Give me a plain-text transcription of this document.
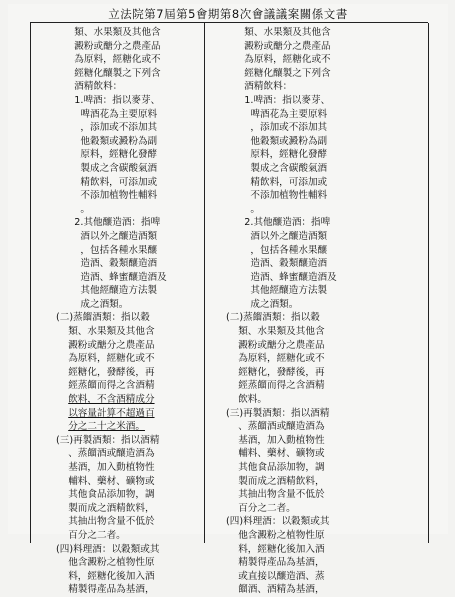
立法院第7屆第5會期第8次會議議案關係文書
類、水果類及其他含
澱粉或醣分之農產品
為原料，經糖化或不
經糖化釀製之下列含
酒精飲料：
1.啤酒：指以麥芽、
啤酒花為主要原料
，添加或不添加其
他穀類或澱粉為副
原料，經糖化發酵
製成之含碳酸氣酒
精飲料，可添加或
不添加植物性輔料
。
2.其他釀造酒：指啤
酒以外之釀造酒類
，包括各種水果釀
造酒、穀類釀造酒
造酒、蜂蜜釀造酒及
其他經釀造方法製
成之酒類。
(二)蒸餾酒類：指以穀
類、水果類及其他含
澱粉或醣分之農產品
為原料，經糖化或不
經糖化，發酵後，再
經蒸餾而得之含酒精
飲料，不含酒精成分
以容量計算不超過百
分之二十之米酒。
(三)再製酒類：指以酒精
、蒸餾酒或釀造酒為
基酒，加入動植物性
輔料、藥材、礦物或
其他食品添加物，調
製而成之酒精飲料，
其抽出物含量不低於
百分之二者。
(四)料理酒：以穀類或其
他含澱粉之植物性原
料，經糖化後加入酒
精製得產品為基酒，
類、水果類及其他含
澱粉或醣分之農產品
為原料，經糖化或不
經糖化釀製之下列含
酒精飲料：
1.啤酒：指以麥芽、
啤酒花為主要原料
，添加或不添加其
他穀類或澱粉為副
原料，經糖化發酵
製成之含碳酸氣酒
精飲料，可添加或
不添加植物性輔料
。
2.其他釀造酒：指啤
酒以外之釀造酒類
，包括各種水果釀
造酒、穀類釀造酒
造酒、蜂蜜釀造酒及
其他經釀造方法製
成之酒類。
(二)蒸餾酒類：指以穀
類、水果類及其他含
澱粉或醣分之農產品
為原料，經糖化或不
經糖化，發酵後，再
經蒸餾而得之含酒精
飲料。
(三)再製酒類：指以酒精
、蒸餾酒或釀造酒為
基酒，加入動植物性
輔料、藥材、礦物或
其他食品添加物，調
製而成之酒精飲料，
其抽出物含量不低於
百分之二者。
(四)料理酒：以穀類或其
他含澱粉之植物性原
料，經糖化後加入酒
精製得產品為基酒，
或直接以釀造酒、蒸
餾酒、酒精為基酒，
